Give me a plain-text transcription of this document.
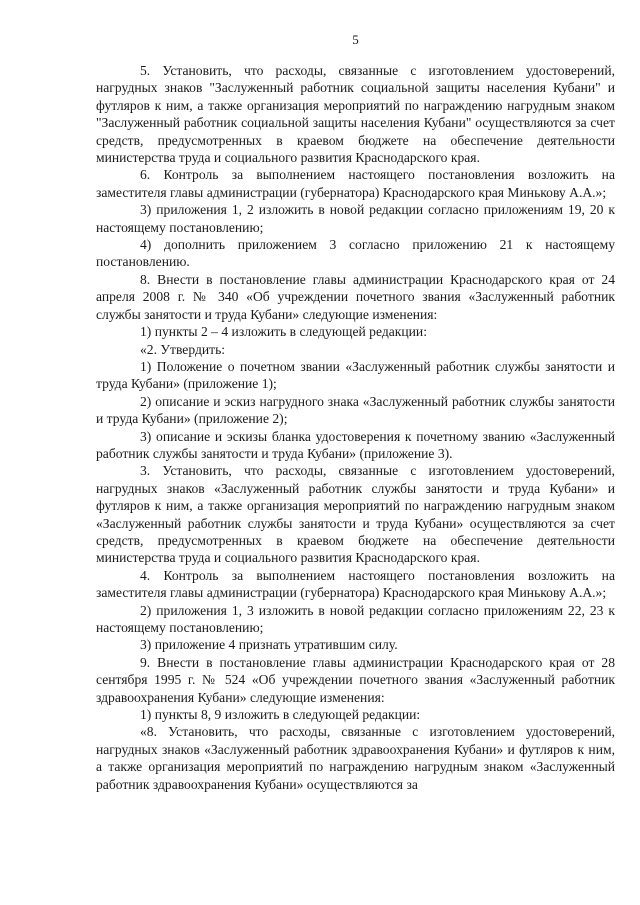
5

5. Установить, что расходы, связанные с изготовлением удостоверений, нагрудных знаков "Заслуженный работник социальной защиты населения Кубани" и футляров к ним, а также организация мероприятий по награждению нагрудным знаком "Заслуженный работник социальной защиты населения Кубани" осуществляются за счет средств, предусмотренных в краевом бюджете на обеспечение деятельности министерства труда и социального развития Краснодарского края.

6. Контроль за выполнением настоящего постановления возложить на заместителя главы администрации (губернатора) Краснодарского края Минькову А.А.»;

3) приложения 1, 2 изложить в новой редакции согласно приложениям 19, 20 к настоящему постановлению;

4) дополнить приложением 3 согласно приложению 21 к настоящему постановлению.

8. Внести в постановление главы администрации Краснодарского края от 24 апреля 2008 г. № 340 «Об учреждении почетного звания «Заслуженный работник службы занятости и труда Кубани» следующие изменения:

1) пункты 2 – 4 изложить в следующей редакции:

«2. Утвердить:

1) Положение о почетном звании «Заслуженный работник службы занятости и труда Кубани» (приложение 1);

2) описание и эскиз нагрудного знака «Заслуженный работник службы занятости и труда Кубани» (приложение 2);

3) описание и эскизы бланка удостоверения к почетному званию «Заслуженный работник службы занятости и труда Кубани» (приложение 3).

3. Установить, что расходы, связанные с изготовлением удостоверений, нагрудных знаков «Заслуженный работник службы занятости и труда Кубани» и футляров к ним, а также организация мероприятий по награждению нагрудным знаком «Заслуженный работник службы занятости и труда Кубани» осуществляются за счет средств, предусмотренных в краевом бюджете на обеспечение деятельности министерства труда и социального развития Краснодарского края.

4. Контроль за выполнением настоящего постановления возложить на заместителя главы администрации (губернатора) Краснодарского края Минькову А.А.»;

2) приложения 1, 3 изложить в новой редакции согласно приложениям 22, 23 к настоящему постановлению;

3) приложение 4 признать утратившим силу.

9. Внести в постановление главы администрации Краснодарского края от 28 сентября 1995 г. № 524 «Об учреждении почетного звания «Заслуженный работник здравоохранения Кубани» следующие изменения:

1) пункты 8, 9 изложить в следующей редакции:

«8. Установить, что расходы, связанные с изготовлением удостоверений, нагрудных знаков «Заслуженный работник здравоохранения Кубани» и футляров к ним, а также организация мероприятий по награждению нагрудным знаком «Заслуженный работник здравоохранения Кубани» осуществляются за
